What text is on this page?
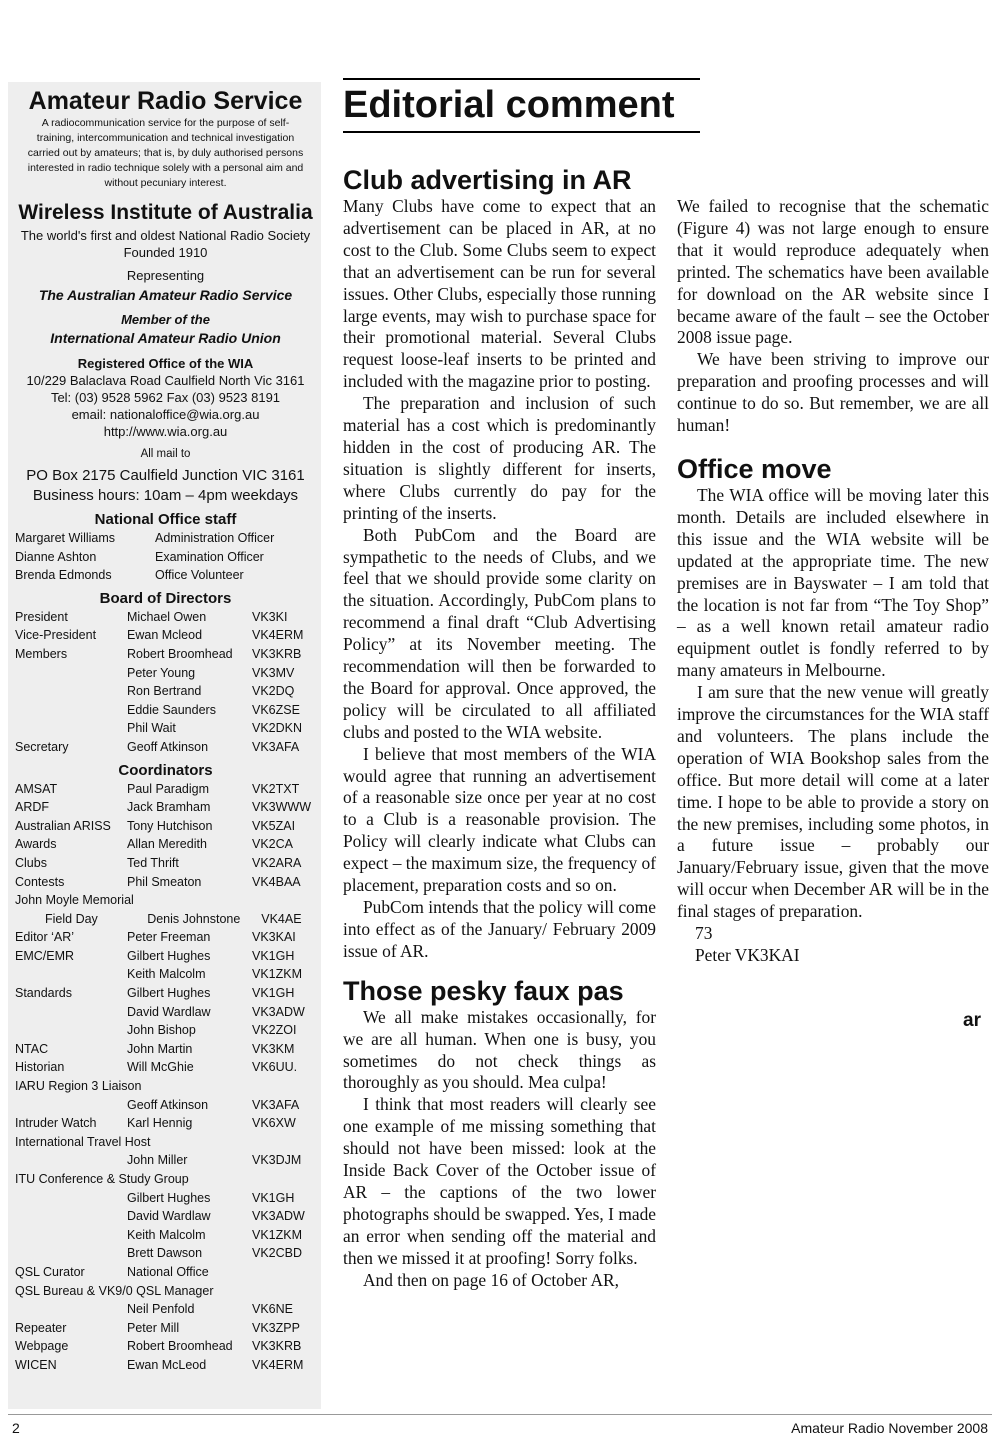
Amateur Radio Service
A radiocommunication service for the purpose of self-training, intercommunication and technical investigation carried out by amateurs; that is, by duly authorised persons interested in radio technique solely with a personal aim and without pecuniary interest.
Wireless Institute of Australia
The world's first and oldest National Radio Society
Founded 1910
Representing
The Australian Amateur Radio Service
Member of the
International Amateur Radio Union
Registered Office of the WIA
10/229 Balaclava Road Caulfield North Vic 3161
Tel: (03) 9528 5962 Fax (03) 9523 8191
email: nationaloffice@wia.org.au
http://www.wia.org.au
All mail to
PO Box 2175 Caulfield Junction VIC 3161
Business hours: 10am – 4pm weekdays
National Office staff
Margaret Williams	Administration Officer
Dianne Ashton	Examination Officer
Brenda Edmonds	Office Volunteer
Board of Directors
President	Michael Owen	VK3KI
Vice-President	Ewan Mcleod	VK4ERM
Members	Robert Broomhead	VK3KRB
Peter Young	VK3MV
Ron Bertrand	VK2DQ
Eddie Saunders	VK6ZSE
Phil Wait	VK2DKN
Secretary	Geoff Atkinson	VK3AFA
Coordinators
AMSAT	Paul Paradigm	VK2TXT
ARDF	Jack Bramham	VK3WWW
Australian ARISS	Tony Hutchison	VK5ZAI
Awards	Allan Meredith	VK2CA
Clubs	Ted Thrift	VK2ARA
Contests	Phil Smeaton	VK4BAA
John Moyle Memorial
Field Day	Denis Johnstone	VK4AE
Editor ‘AR’	Peter Freeman	VK3KAI
EMC/EMR	Gilbert Hughes	VK1GH
Keith Malcolm	VK1ZKM
Standards	Gilbert Hughes	VK1GH
David Wardlaw	VK3ADW
John Bishop	VK2ZOI
NTAC	John Martin	VK3KM
Historian	Will McGhie	VK6UU.
IARU Region 3 Liaison
Geoff Atkinson	VK3AFA
Intruder Watch	Karl Hennig	VK6XW
International Travel Host
John Miller	VK3DJM
ITU Conference & Study Group
Gilbert Hughes	VK1GH
David Wardlaw	VK3ADW
Keith Malcolm	VK1ZKM
Brett Dawson	VK2CBD
QSL Curator	National Office
QSL Bureau & VK9/0 QSL Manager
Neil Penfold	VK6NE
Repeater	Peter Mill	VK3ZPP
Webpage	Robert Broomhead	VK3KRB
WICEN	Ewan McLeod	VK4ERM
Editorial comment
Club advertising in AR

Many Clubs have come to expect that an advertisement can be placed in AR, at no cost to the Club. Some Clubs seem to expect that an advertisement can be run for several issues. Other Clubs, especially those running large events, may wish to purchase space for their promotional material. Several Clubs request loose-leaf inserts to be printed and included with the magazine prior to posting.

The preparation and inclusion of such material has a cost which is predominantly hidden in the cost of producing AR. The situation is slightly different for inserts, where Clubs currently do pay for the printing of the inserts.

Both PubCom and the Board are sympathetic to the needs of Clubs, and we feel that we should provide some clarity on the situation. Accordingly, PubCom plans to recommend a final draft “Club Advertising Policy” at its November meeting. The recommendation will then be forwarded to the Board for approval. Once approved, the policy will be circulated to all affiliated clubs and posted to the WIA website.

I believe that most members of the WIA would agree that running an advertisement of a reasonable size once per year at no cost to a Club is a reasonable provision. The Policy will clearly indicate what Clubs can expect – the maximum size, the frequency of placement, preparation costs and so on.

PubCom intends that the policy will come into effect as of the January/ February 2009 issue of AR.

Those pesky faux pas

We all make mistakes occasionally, for we are all human. When one is busy, you sometimes do not check things as thoroughly as you should. Mea culpa!

I think that most readers will clearly see one example of me missing something that should not have been missed: look at the Inside Back Cover of the October issue of AR – the captions of the two lower photographs should be swapped. Yes, I made an error when sending off the material and then we missed it at proofing! Sorry folks.

And then on page 16 of October AR,

We failed to recognise that the schematic (Figure 4) was not large enough to ensure that it would reproduce adequately when printed. The schematics have been available for download on the AR website since I became aware of the fault – see the October 2008 issue page.

We have been striving to improve our preparation and proofing processes and will continue to do so. But remember, we are all human!

Office move

The WIA office will be moving later this month. Details are included elsewhere in this issue and the WIA website will be updated at the appropriate time. The new premises are in Bayswater – I am told that the location is not far from “The Toy Shop” – as a well known retail amateur radio equipment outlet is fondly referred to by many amateurs in Melbourne.

I am sure that the new venue will greatly improve the circumstances for the WIA staff and volunteers. The plans include the operation of WIA Bookshop sales from the office. But more detail will come at a later time. I hope to be able to provide a story on the new premises, including some photos, in a future issue – probably our January/February issue, given that the move will occur when December AR will be in the final stages of preparation.

73
Peter VK3KAI
ar
2	Amateur Radio November 2008
